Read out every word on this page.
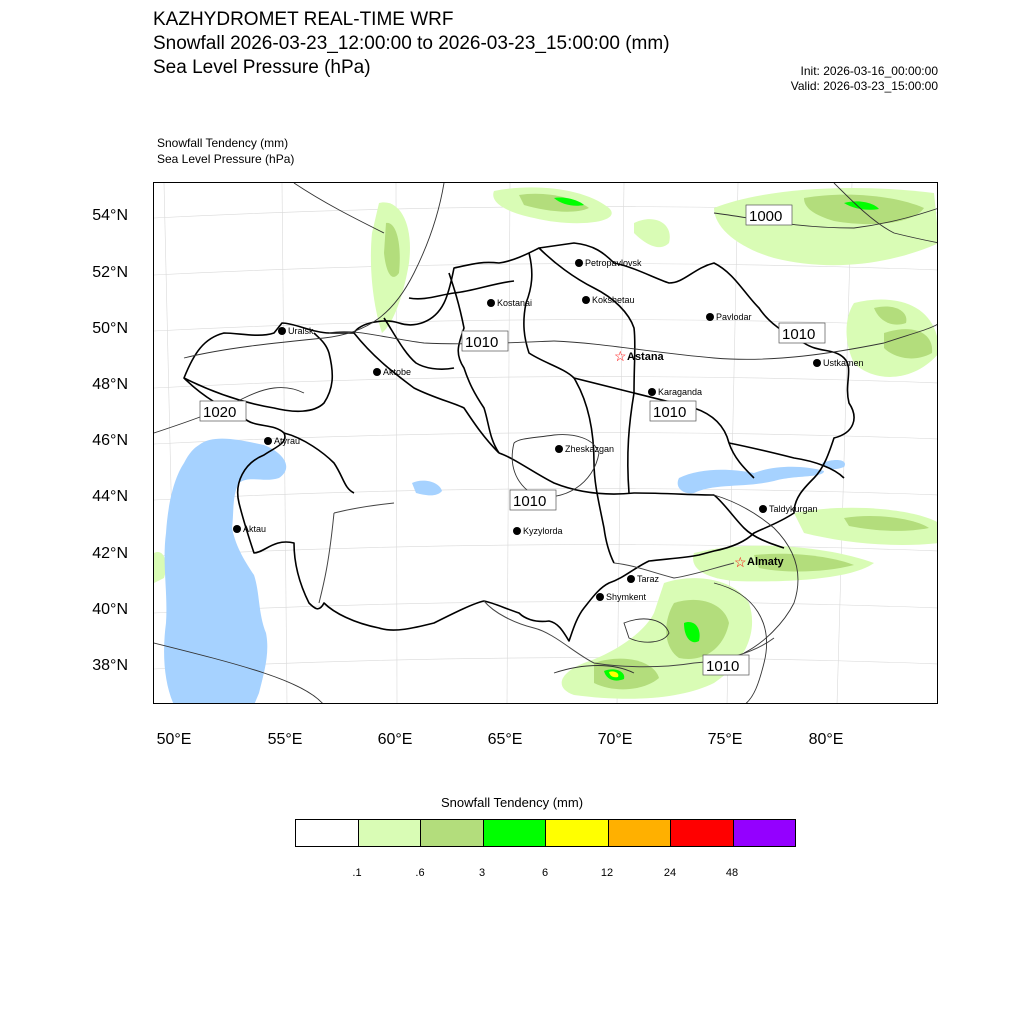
KAZHYDROMET REAL-TIME WRF
Snowfall 2026-03-23_12:00:00 to 2026-03-23_15:00:00 (mm)
Sea Level Pressure (hPa)	Init: 2026-03-16_00:00:00
Valid: 2026-03-23_15:00:00
Snowfall Tendency (mm)
Sea Level Pressure (hPa)
54°N
52°N
50°N
48°N
46°N
44°N
42°N
40°N
38°N
50°E	55°E	60°E	65°E	70°E	75°E	80°E
1000
1010	1010
1020	1010
1010
1010
Petropavlovsk
Kostanai	Kokshetau
Pavlodar
Uralsk
☆ Astana	Ustkamen
Aktobe
Karaganda
Atyrau
Zheskazgan
Aktau	Kyzylorda
Taldykurgan
☆ Almaty
Taraz
Shymkent
Snowfall Tendency (mm)
.1	.6	3	6	12	24	48
